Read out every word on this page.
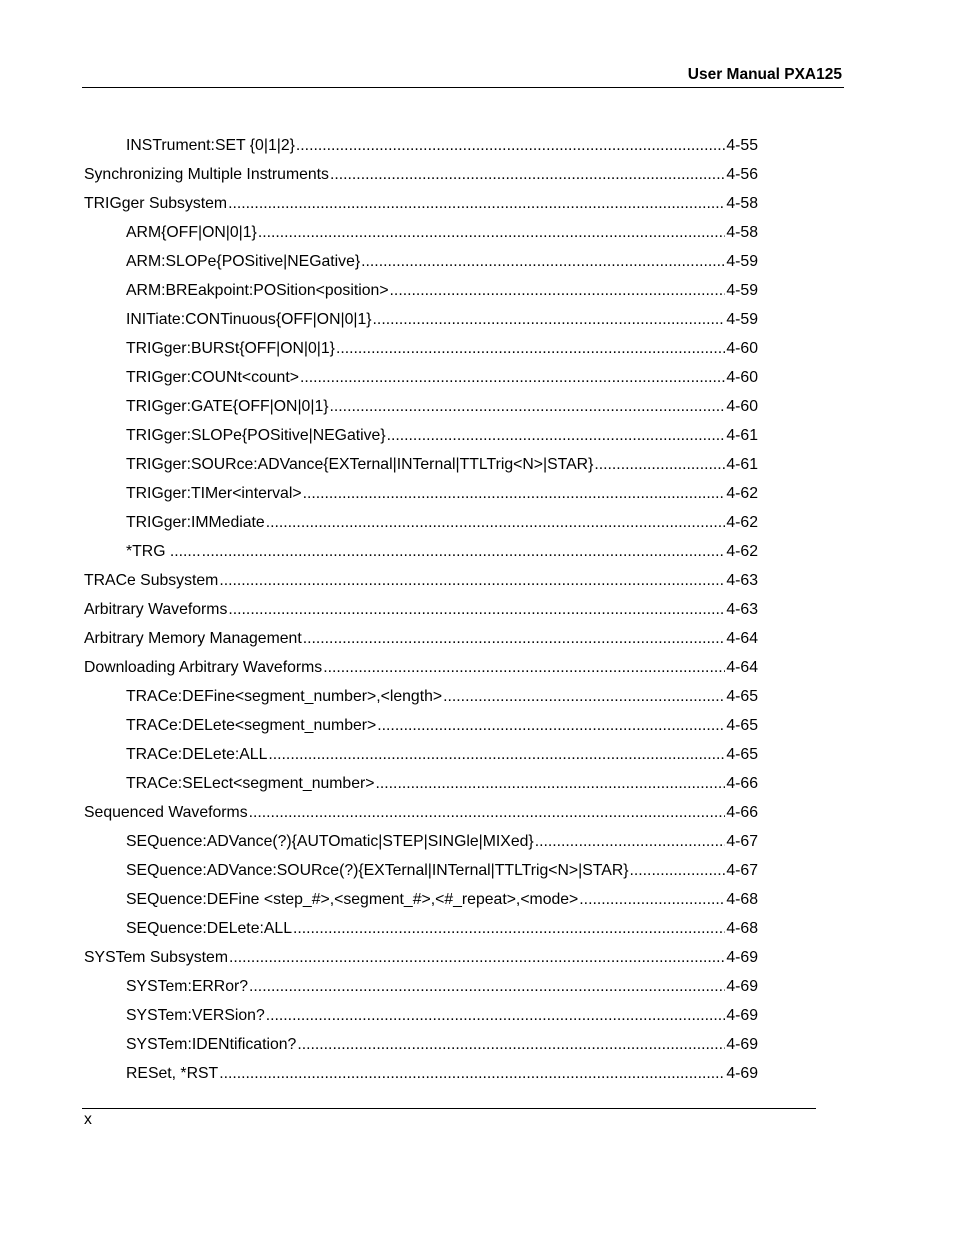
User Manual PXA125
INSTrument:SET {0|1|2} .....	4-55
Synchronizing Multiple Instruments .....	4-56
TRIGger Subsystem .....	4-58
ARM{OFF|ON|0|1} .....	4-58
ARM:SLOPe{POSitive|NEGative} .....	4-59
ARM:BREakpoint:POSition<position> .....	4-59
INITiate:CONTinuous{OFF|ON|0|1} .....	4-59
TRIGger:BURSt{OFF|ON|0|1} .....	4-60
TRIGger:COUNt<count> .....	4-60
TRIGger:GATE{OFF|ON|0|1} .....	4-60
TRIGger:SLOPe{POSitive|NEGative} .....	4-61
TRIGger:SOURce:ADVance{EXTernal|INTernal|TTLTrig<N>|STAR} .....	4-61
TRIGger:TIMer<interval> .....	4-62
TRIGger:IMMediate .....	4-62
*TRG ....... .....	4-62
TRACe Subsystem .....	4-63
Arbitrary Waveforms .....	4-63
Arbitrary Memory Management .....	4-64
Downloading Arbitrary Waveforms .....	4-64
TRACe:DEFine<segment_number>,<length> .....	4-65
TRACe:DELete<segment_number> .....	4-65
TRACe:DELete:ALL .....	4-65
TRACe:SELect<segment_number> .....	4-66
Sequenced Waveforms .....	4-66
SEQuence:ADVance(?){AUTOmatic|STEP|SINGle|MIXed} .....	4-67
SEQuence:ADVance:SOURce(?){EXTernal|INTernal|TTLTrig<N>|STAR} .....	4-67
SEQuence:DEFine <step_#>,<segment_#>,<#_repeat>,<mode> .....	4-68
SEQuence:DELete:ALL .....	4-68
SYSTem Subsystem .....	4-69
SYSTem:ERRor? .....	4-69
SYSTem:VERSion? .....	4-69
SYSTem:IDENtification? .....	4-69
RESet, *RST .....	4-69
x
